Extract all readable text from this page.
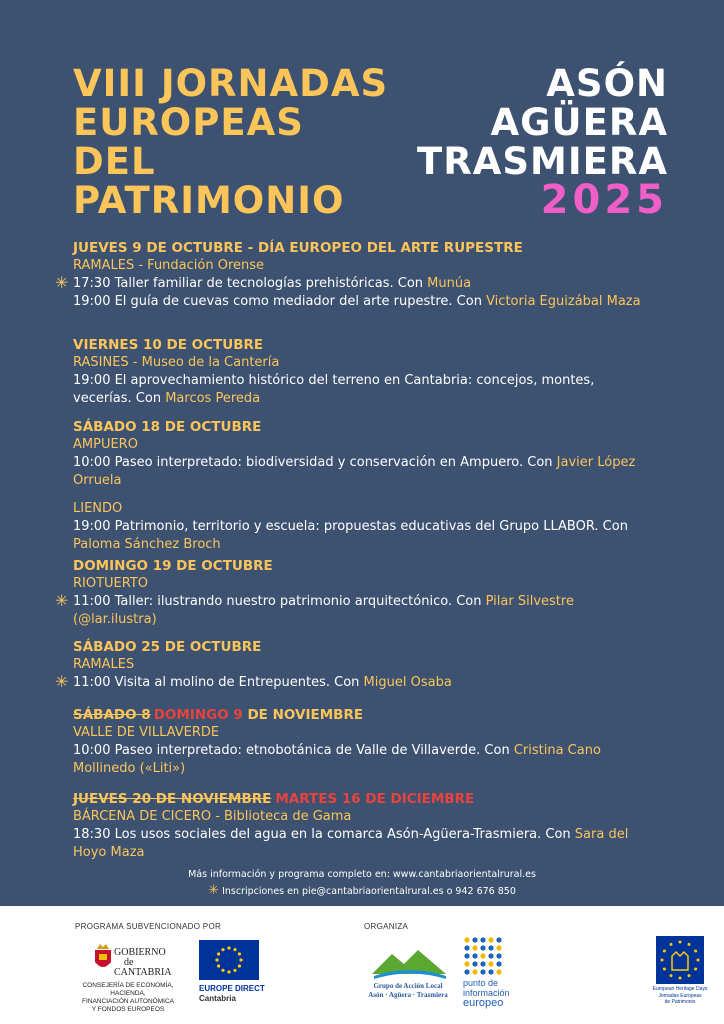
VIII JORNADAS
EUROPEAS
DEL
PATRIMONIO
ASÓN
AGÜERA
TRASMIERA
2025
JUEVES 9 DE OCTUBRE - DÍA EUROPEO DEL ARTE RUPESTRE
RAMALES - Fundación Orense
✳ 17:30 Taller familiar de tecnologías prehistóricas. Con Munúa
19:00 El guía de cuevas como mediador del arte rupestre. Con Victoria Eguizábal Maza
VIERNES 10 DE OCTUBRE
RASINES - Museo de la Cantería
19:00 El aprovechamiento histórico del terreno en Cantabria: concejos, montes, vecerías. Con Marcos Pereda
SÁBADO 18 DE OCTUBRE
AMPUERO
10:00 Paseo interpretado: biodiversidad y conservación en Ampuero. Con Javier López Orruela
LIENDO
19:00 Patrimonio, territorio y escuela: propuestas educativas del Grupo LLABOR. Con Paloma Sánchez Broch
DOMINGO 19 DE OCTUBRE
RIOTUERTO
✳ 11:00 Taller: ilustrando nuestro patrimonio arquitectónico. Con Pilar Silvestre (@lar.ilustra)
SÁBADO 25 DE OCTUBRE
RAMALES
✳ 11:00 Visita al molino de Entrepuentes. Con Miguel Osaba
SÁBADO 8 DOMINGO 9 DE NOVIEMBRE
VALLE DE VILLAVERDE
10:00 Paseo interpretado: etnobotánica de Valle de Villaverde. Con Cristina Cano Mollinedo («Liti»)
JUEVES 20 DE NOVIEMBRE MARTES 16 DE DICIEMBRE
BÁRCENA DE CICERO - Biblioteca de Gama
18:30 Los usos sociales del agua en la comarca Asón-Agüera-Trasmiera. Con Sara del Hoyo Maza
Más información y programa completo en: www.cantabriaorientalrural.es
✳ Inscripciones en pie@cantabriaorientalrural.es o 942 676 850
PROGRAMA SUBVENCIONADO POR	ORGANIZA
GOBIERNO
de
CANTABRIA
CONSEJERÍA DE ECONOMÍA, HACIENDA,
FINANCIACIÓN AUTONÓMICA
Y FONDOS EUROPEOS
EUROPE DIRECT
Cantabria
Grupo de Acción Local
Asón · Agüera · Trasmiera
punto de
información
europeo
European Heritage Days
Jornadas Europeas
de Patrimonio
